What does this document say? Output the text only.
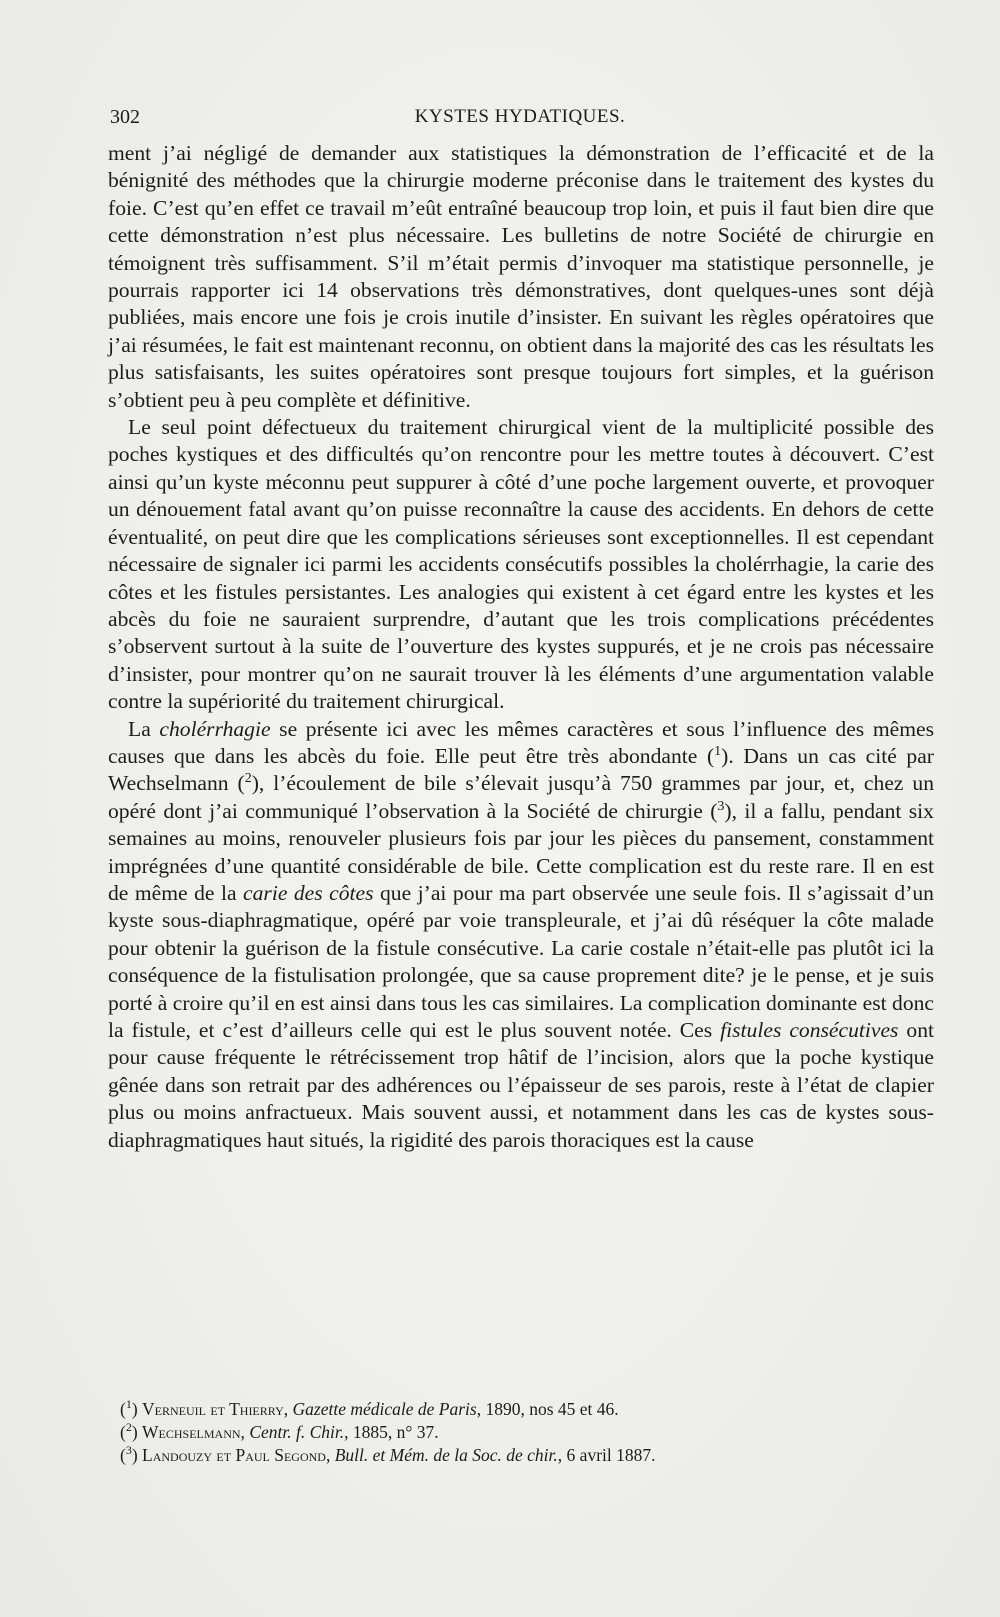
302	KYSTES HYDATIQUES.

ment j’ai négligé de demander aux statistiques la démonstration de l’efficacité et de la bénignité des méthodes que la chirurgie moderne préconise dans le traitement des kystes du foie. C’est qu’en effet ce travail m’eût entraîné beaucoup trop loin, et puis il faut bien dire que cette démonstration n’est plus nécessaire. Les bulletins de notre Société de chirurgie en témoignent très suffisamment. S’il m’était permis d’invoquer ma statistique personnelle, je pourrais rapporter ici 14 observations très démonstratives, dont quelques-unes sont déjà publiées, mais encore une fois je crois inutile d’insister. En suivant les règles opératoires que j’ai résumées, le fait est maintenant reconnu, on obtient dans la majorité des cas les résultats les plus satisfaisants, les suites opératoires sont presque toujours fort simples, et la guérison s’obtient peu à peu complète et définitive.

Le seul point défectueux du traitement chirurgical vient de la multiplicité possible des poches kystiques et des difficultés qu’on rencontre pour les mettre toutes à découvert. C’est ainsi qu’un kyste méconnu peut suppurer à côté d’une poche largement ouverte, et provoquer un dénouement fatal avant qu’on puisse reconnaître la cause des accidents. En dehors de cette éventualité, on peut dire que les complications sérieuses sont exceptionnelles. Il est cependant nécessaire de signaler ici parmi les accidents consécutifs possibles la cholérrhagie, la carie des côtes et les fistules persistantes. Les analogies qui existent à cet égard entre les kystes et les abcès du foie ne sauraient surprendre, d’autant que les trois complications précédentes s’observent surtout à la suite de l’ouverture des kystes suppurés, et je ne crois pas nécessaire d’insister, pour montrer qu’on ne saurait trouver là les éléments d’une argumentation valable contre la supériorité du traitement chirurgical.

La cholérrhagie se présente ici avec les mêmes caractères et sous l’influence des mêmes causes que dans les abcès du foie. Elle peut être très abondante ($^1$). Dans un cas cité par Wechselmann ($^2$), l’écoulement de bile s’élevait jusqu’à 750 grammes par jour, et, chez un opéré dont j’ai communiqué l’observation à la Société de chirurgie ($^3$), il a fallu, pendant six semaines au moins, renouveler plusieurs fois par jour les pièces du pansement, constamment imprégnées d’une quantité considérable de bile. Cette complication est du reste rare. Il en est de même de la carie des côtes que j’ai pour ma part observée une seule fois. Il s’agissait d’un kyste sous-diaphragmatique, opéré par voie transpleurale, et j’ai dû réséquer la côte malade pour obtenir la guérison de la fistule consécutive. La carie costale n’était-elle pas plutôt ici la conséquence de la fistulisation prolongée, que sa cause proprement dite? je le pense, et je suis porté à croire qu’il en est ainsi dans tous les cas similaires. La complication dominante est donc la fistule, et c’est d’ailleurs celle qui est le plus souvent notée. Ces fistules consécutives ont pour cause fréquente le rétrécissement trop hâtif de l’incision, alors que la poche kystique gênée dans son retrait par des adhérences ou l’épaisseur de ses parois, reste à l’état de clapier plus ou moins anfractueux. Mais souvent aussi, et notamment dans les cas de kystes sous-diaphragmatiques haut situés, la rigidité des parois thoraciques est la cause

($^1$) Verneuil et Thierry, Gazette médicale de Paris, 1890, nos 45 et 46.

($^2$) Wechselmann, Centr. f. Chir., 1885, n° 37.

($^3$) Landouzy et Paul Segond, Bull. et Mém. de la Soc. de chir., 6 avril 1887.
